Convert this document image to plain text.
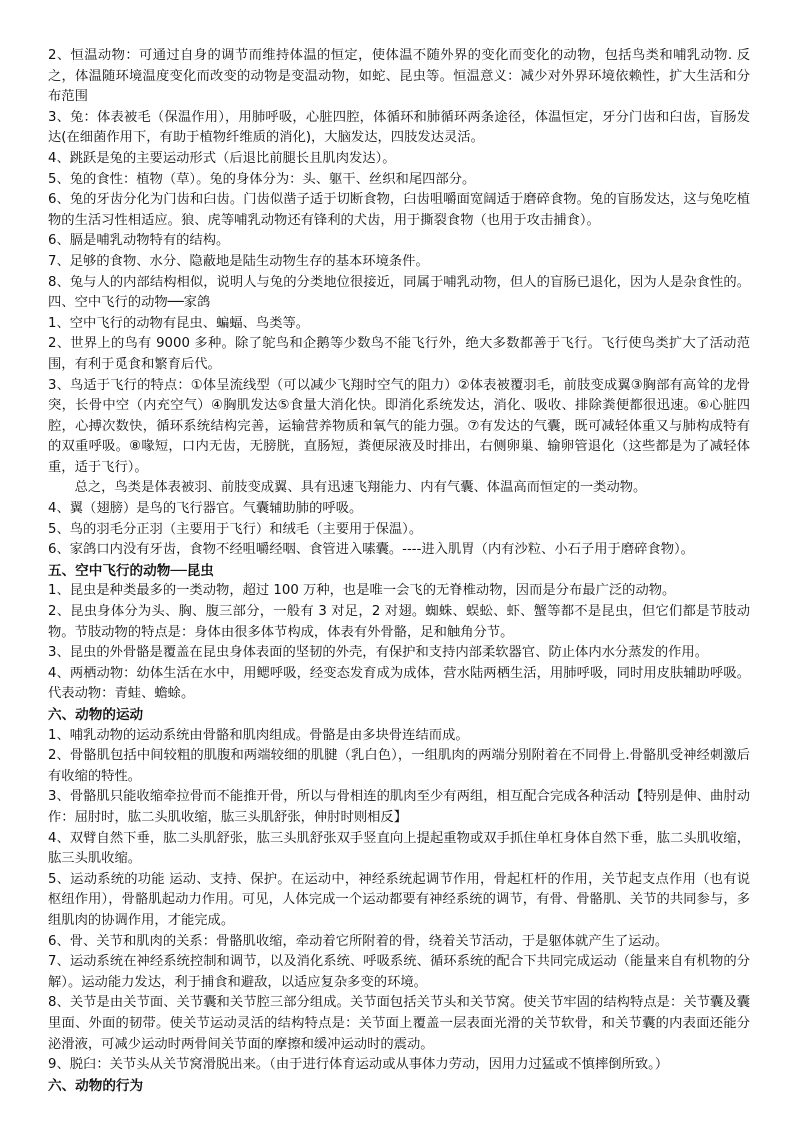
2、恒温动物：可通过自身的调节而维持体温的恒定，使体温不随外界的变化而变化的动物，包括鸟类和哺乳动物. 反之，体温随环境温度变化而改变的动物是变温动物，如蛇、昆虫等。恒温意义：减少对外界环境依赖性，扩大生活和分布范围

3、兔：体表被毛（保温作用），用肺呼吸，心脏四腔，体循环和肺循环两条途径，体温恒定，牙分门齿和臼齿，盲肠发达(在细菌作用下，有助于植物纤维质的消化)，大脑发达，四肢发达灵活。

4、跳跃是兔的主要运动形式（后退比前腿长且肌肉发达）。

5、兔的食性：植物（草）。兔的身体分为：头、躯干、丝织和尾四部分。

6、兔的牙齿分化为门齿和臼齿。门齿似凿子适于切断食物，臼齿咀嚼面宽阔适于磨碎食物。兔的盲肠发达，这与兔吃植物的生活习性相适应。狼、虎等哺乳动物还有锋利的犬齿，用于撕裂食物（也用于攻击捕食）。

6、膈是哺乳动物特有的结构。

7、足够的食物、水分、隐蔽地是陆生动物生存的基本环境条件。

8、兔与人的内部结构相似，说明人与兔的分类地位很接近，同属于哺乳动物，但人的盲肠已退化，因为人是杂食性的。四、空中飞行的动物──家鸽

1、空中飞行的动物有昆虫、蝙蝠、鸟类等。

2、世界上的鸟有 9000 多种。除了鸵鸟和企鹅等少数鸟不能飞行外，绝大多数都善于飞行。飞行使鸟类扩大了活动范围，有利于觅食和繁育后代。

3、鸟适于飞行的特点：①体呈流线型（可以减少飞翔时空气的阻力）②体表被覆羽毛，前肢变成翼③胸部有高耸的龙骨突，长骨中空（内充空气）④胸肌发达⑤食量大消化快。即消化系统发达，消化、吸收、排除粪便都很迅速。⑥心脏四腔，心搏次数快，循环系统结构完善，运输营养物质和氧气的能力强。⑦有发达的气囊，既可减轻体重又与肺构成特有的双重呼吸。⑧喙短，口内无齿，无膀胱，直肠短，粪便尿液及时排出，右侧卵巢、输卵管退化（这些都是为了减轻体重，适于飞行）。

总之，鸟类是体表被羽、前肢变成翼、具有迅速飞翔能力、内有气囊、体温高而恒定的一类动物。

4、翼（翅膀）是鸟的飞行器官。气囊辅助肺的呼吸。

5、鸟的羽毛分正羽（主要用于飞行）和绒毛（主要用于保温）。

6、家鸽口内没有牙齿，食物不经咀嚼经咽、食管进入嗉囊。----进入肌胃（内有沙粒、小石子用于磨碎食物）。

五、空中飞行的动物──昆虫

1、昆虫是种类最多的一类动物，超过 100 万种，也是唯一会飞的无脊椎动物，因而是分布最广泛的动物。

2、昆虫身体分为头、胸、腹三部分，一般有 3 对足，2 对翅。蜘蛛、蜈蚣、虾、蟹等都不是昆虫，但它们都是节肢动物。节肢动物的特点是：身体由很多体节构成，体表有外骨骼，足和触角分节。

3、昆虫的外骨骼是覆盖在昆虫身体表面的坚韧的外壳，有保护和支持内部柔软器官、防止体内水分蒸发的作用。

4、两栖动物：幼体生活在水中，用鳃呼吸，经变态发育成为成体，营水陆两栖生活，用肺呼吸，同时用皮肤辅助呼吸。代表动物：青蛙、蟾蜍。

六、动物的运动

1、哺乳动物的运动系统由骨骼和肌肉组成。骨骼是由多块骨连结而成。

2、骨骼肌包括中间较粗的肌腹和两端较细的肌腱（乳白色），一组肌肉的两端分别附着在不同骨上.骨骼肌受神经刺激后有收缩的特性。

3、骨骼肌只能收缩牵拉骨而不能推开骨，所以与骨相连的肌肉至少有两组，相互配合完成各种活动【特别是伸、曲肘动作：屈肘时，肱二头肌收缩，肱三头肌舒张，伸肘时则相反】

4、双臂自然下垂，肱二头肌舒张，肱三头肌舒张双手竖直向上提起重物或双手抓住单杠身体自然下垂，肱二头肌收缩，肱三头肌收缩。

5、运动系统的功能 运动、支持、保护。在运动中，神经系统起调节作用，骨起杠杆的作用，关节起支点作用（也有说枢纽作用），骨骼肌起动力作用。可见，人体完成一个运动都要有神经系统的调节，有骨、骨骼肌、关节的共同参与，多组肌肉的协调作用，才能完成。

6、骨、关节和肌肉的关系：骨骼肌收缩，牵动着它所附着的骨，绕着关节活动，于是躯体就产生了运动。

7、运动系统在神经系统控制和调节，以及消化系统、呼吸系统、循环系统的配合下共同完成运动（能量来自有机物的分解）。运动能力发达，利于捕食和避敌，以适应复杂多变的环境。

8、关节是由关节面、关节囊和关节腔三部分组成。关节面包括关节头和关节窝。使关节牢固的结构特点是：关节囊及囊里面、外面的韧带。使关节运动灵活的结构特点是：关节面上覆盖一层表面光滑的关节软骨，和关节囊的内表面还能分泌滑液，可减少运动时两骨间关节面的摩擦和缓冲运动时的震动。

9、脱臼：关节头从关节窝滑脱出来。（由于进行体育运动或从事体力劳动，因用力过猛或不慎摔倒所致。）

六、动物的行为
